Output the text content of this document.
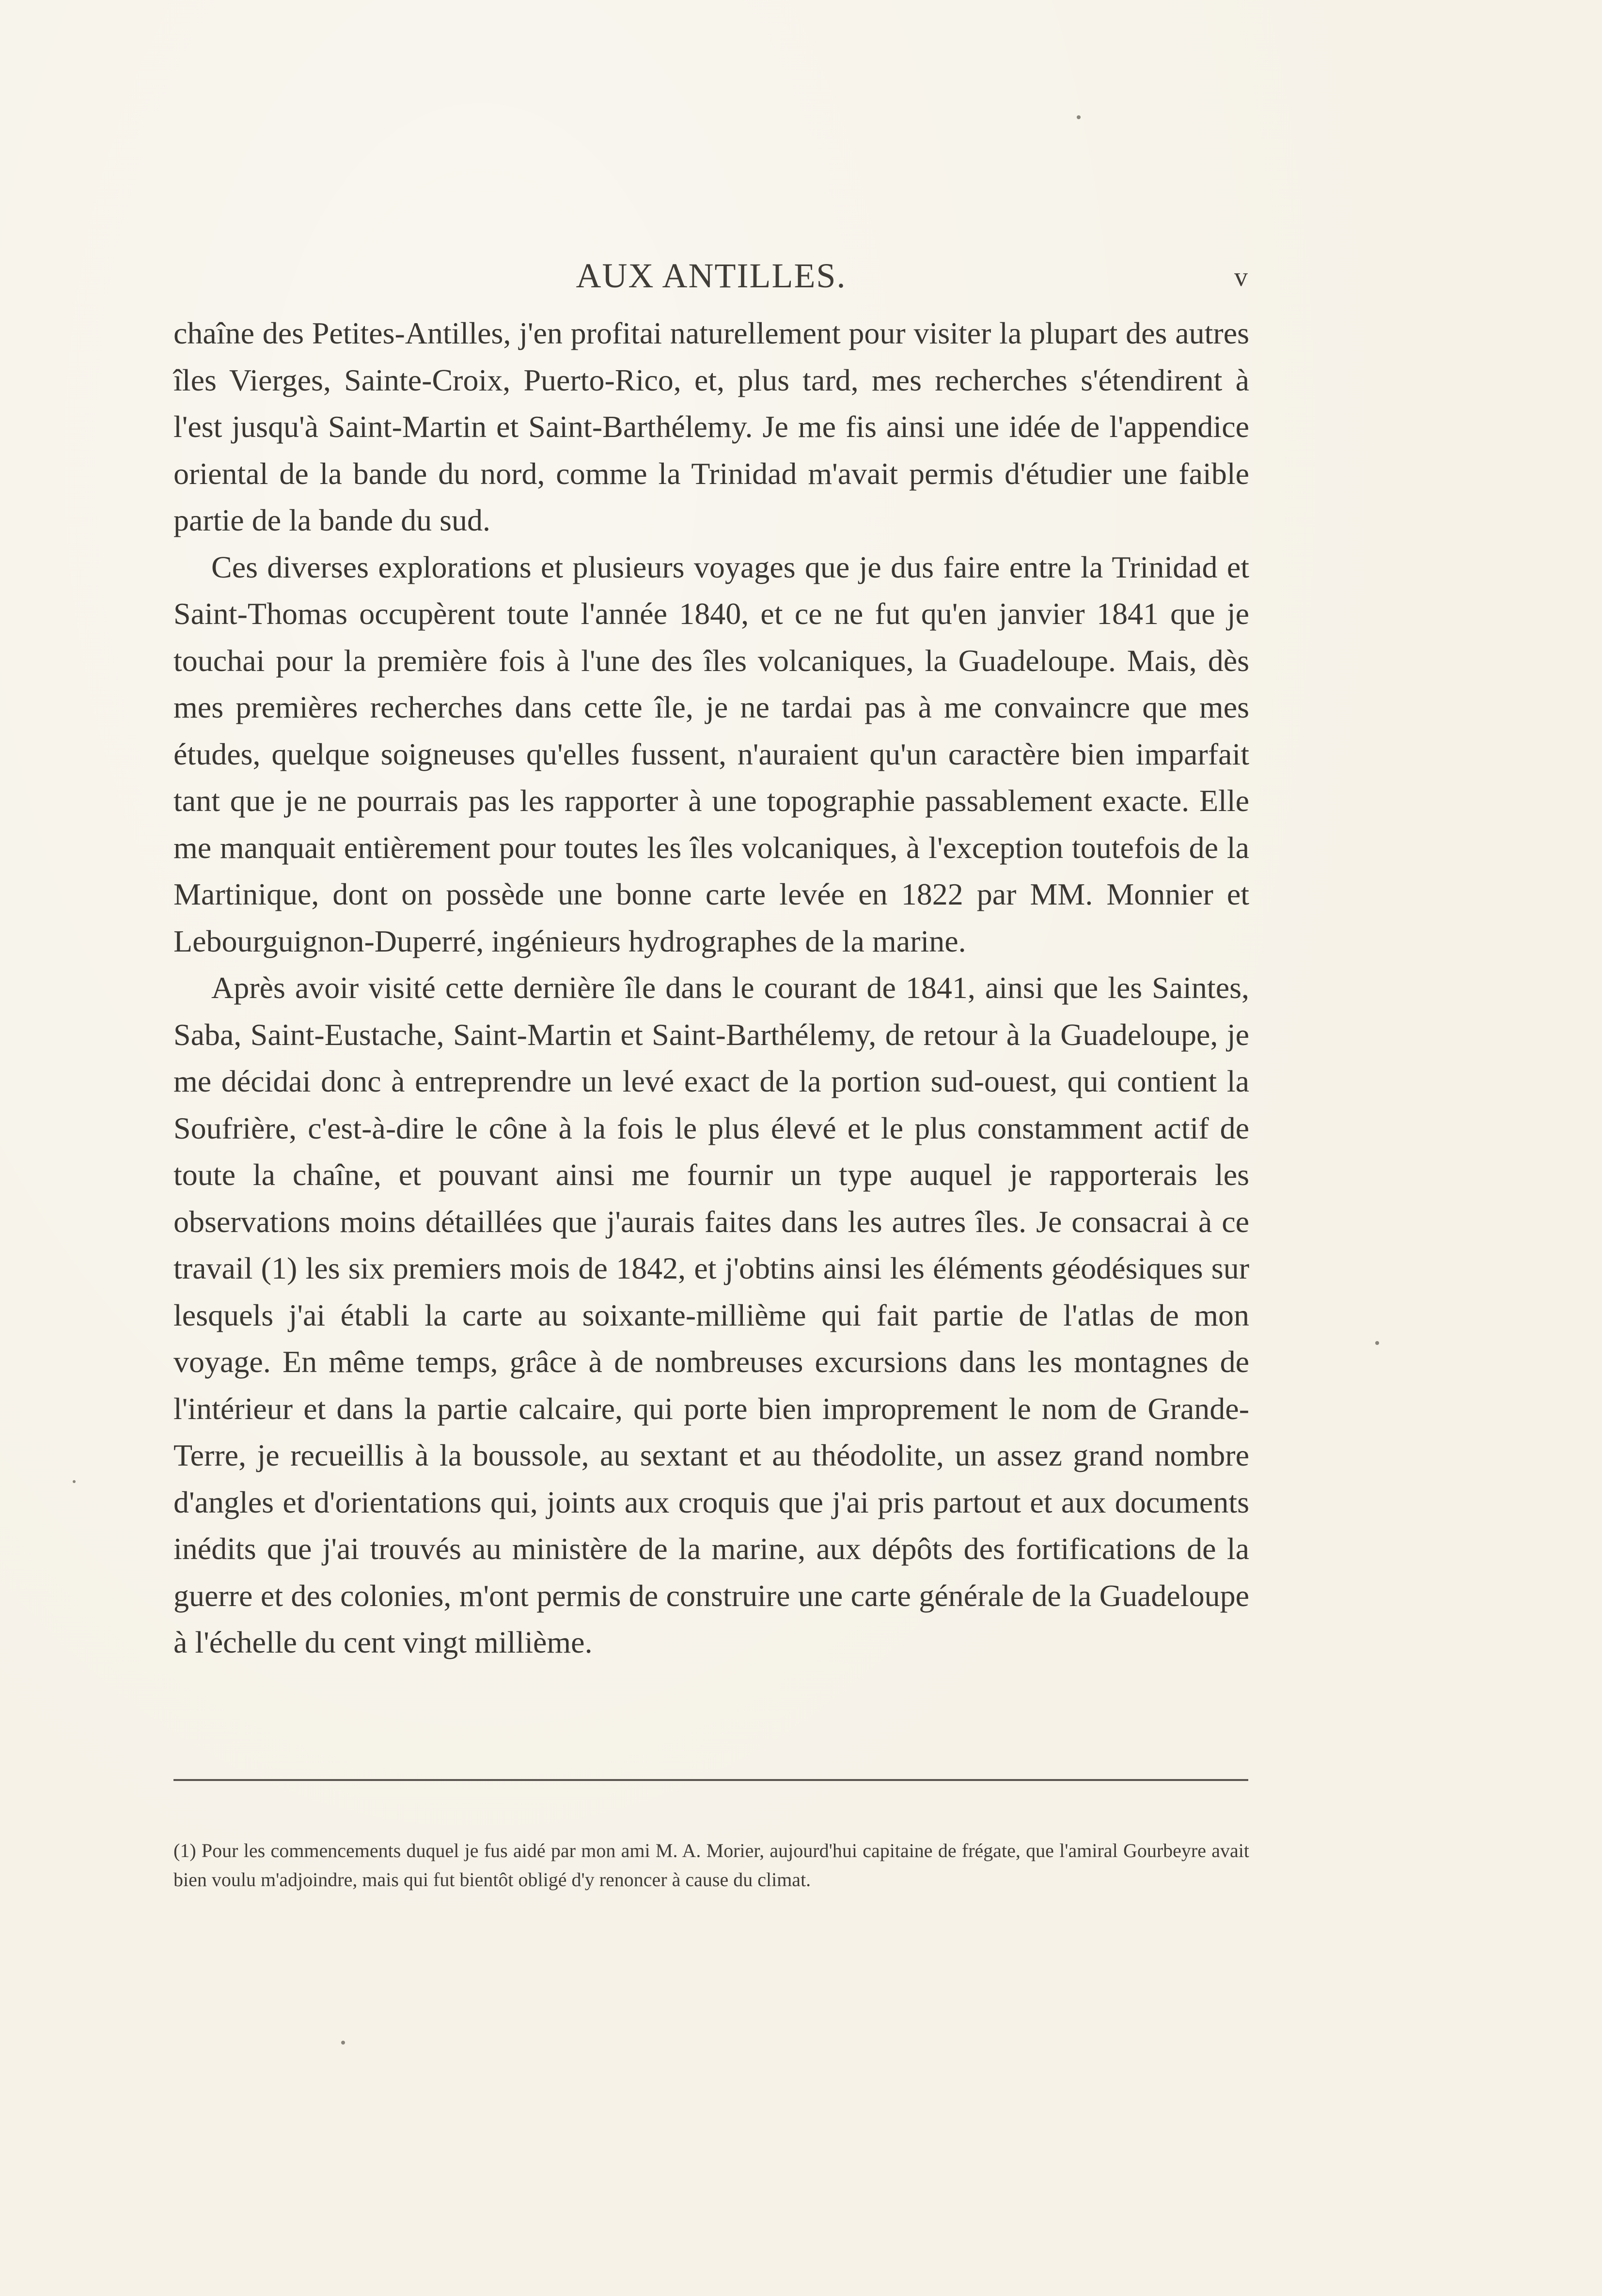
AUX ANTILLES.	v

chaîne des Petites-Antilles, j'en profitai naturellement pour visiter la plupart des autres îles Vierges, Sainte-Croix, Puerto-Rico, et, plus tard, mes recherches s'étendirent à l'est jusqu'à Saint-Martin et Saint-Barthélemy. Je me fis ainsi une idée de l'appendice oriental de la bande du nord, comme la Trinidad m'avait permis d'étudier une faible partie de la bande du sud.

Ces diverses explorations et plusieurs voyages que je dus faire entre la Trinidad et Saint-Thomas occupèrent toute l'année 1840, et ce ne fut qu'en janvier 1841 que je touchai pour la première fois à l'une des îles volcaniques, la Guadeloupe. Mais, dès mes premières recherches dans cette île, je ne tardai pas à me convaincre que mes études, quelque soigneuses qu'elles fussent, n'auraient qu'un caractère bien imparfait tant que je ne pourrais pas les rapporter à une topographie passablement exacte. Elle me manquait entièrement pour toutes les îles volcaniques, à l'exception toutefois de la Martinique, dont on possède une bonne carte levée en 1822 par MM. Monnier et Lebourguignon-Duperré, ingénieurs hydrographes de la marine.

Après avoir visité cette dernière île dans le courant de 1841, ainsi que les Saintes, Saba, Saint-Eustache, Saint-Martin et Saint-Barthélemy, de retour à la Guadeloupe, je me décidai donc à entreprendre un levé exact de la portion sud-ouest, qui contient la Soufrière, c'est-à-dire le cône à la fois le plus élevé et le plus constamment actif de toute la chaîne, et pouvant ainsi me fournir un type auquel je rapporterais les observations moins détaillées que j'aurais faites dans les autres îles. Je consacrai à ce travail (1) les six premiers mois de 1842, et j'obtins ainsi les éléments géodésiques sur lesquels j'ai établi la carte au soixante-millième qui fait partie de l'atlas de mon voyage. En même temps, grâce à de nombreuses excursions dans les montagnes de l'intérieur et dans la partie calcaire, qui porte bien improprement le nom de Grande-Terre, je recueillis à la boussole, au sextant et au théodolite, un assez grand nombre d'angles et d'orientations qui, joints aux croquis que j'ai pris partout et aux documents inédits que j'ai trouvés au ministère de la marine, aux dépôts des fortifications de la guerre et des colonies, m'ont permis de construire une carte générale de la Guadeloupe à l'échelle du cent vingt millième.

(1) Pour les commencements duquel je fus aidé par mon ami M. A. Morier, aujourd'hui capitaine de frégate, que l'amiral Gourbeyre avait bien voulu m'adjoindre, mais qui fut bientôt obligé d'y renoncer à cause du climat.
